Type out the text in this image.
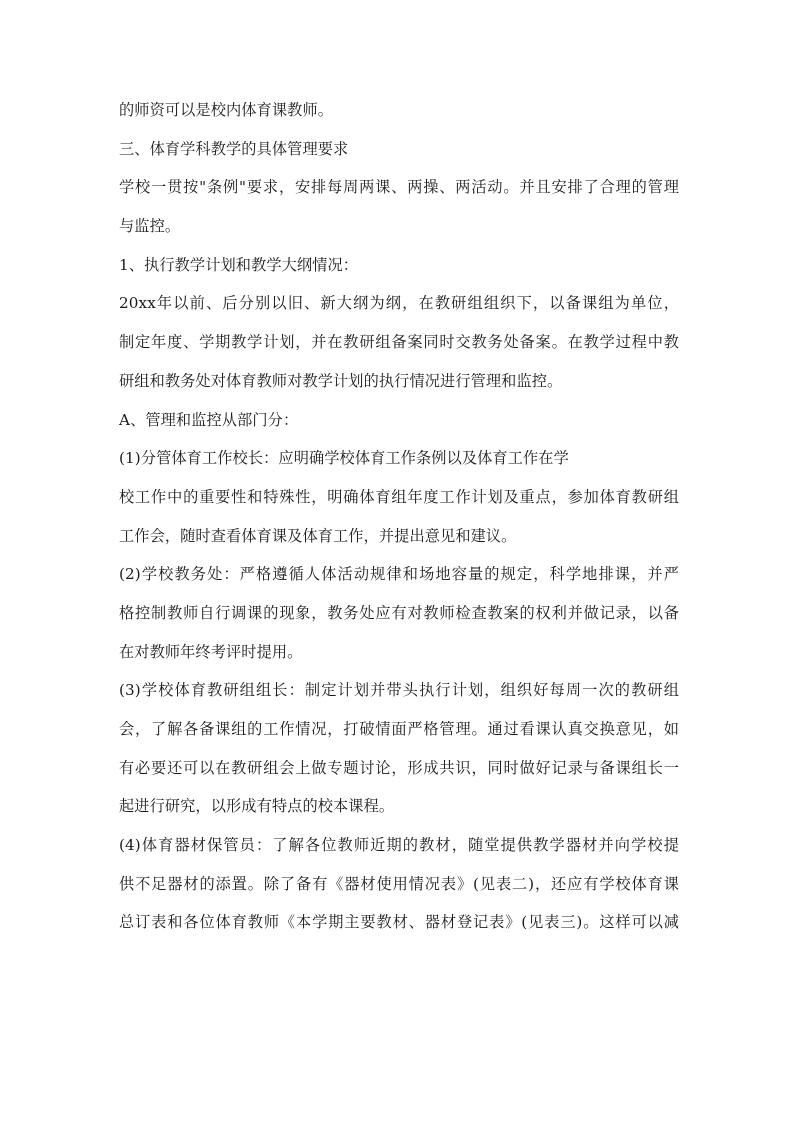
的师资可以是校内体育课教师。
三、体育学科教学的具体管理要求
学校一贯按"条例"要求，安排每周两课、两操、两活动。并且安排了合理的管理
与监控。
1、执行教学计划和教学大纲情况：
20xx年以前、后分别以旧、新大纲为纲，在教研组组织下，以备课组为单位，
制定年度、学期教学计划，并在教研组备案同时交教务处备案。在教学过程中教
研组和教务处对体育教师对教学计划的执行情况进行管理和监控。
A、管理和监控从部门分：
(1)分管体育工作校长：应明确学校体育工作条例以及体育工作在学
校工作中的重要性和特殊性，明确体育组年度工作计划及重点，参加体育教研组
工作会，随时查看体育课及体育工作，并提出意见和建议。
(2)学校教务处：严格遵循人体活动规律和场地容量的规定，科学地排课，并严
格控制教师自行调课的现象，教务处应有对教师检查教案的权利并做记录，以备
在对教师年终考评时提用。
(3)学校体育教研组组长：制定计划并带头执行计划，组织好每周一次的教研组
会，了解各备课组的工作情况，打破情面严格管理。通过看课认真交换意见，如
有必要还可以在教研组会上做专题讨论，形成共识，同时做好记录与备课组长一
起进行研究，以形成有特点的校本课程。
(4)体育器材保管员：了解各位教师近期的教材，随堂提供教学器材并向学校提
供不足器材的添置。除了备有《器材使用情况表》(见表二)，还应有学校体育课
总订表和各位体育教师《本学期主要教材、器材登记表》(见表三)。这样可以减
